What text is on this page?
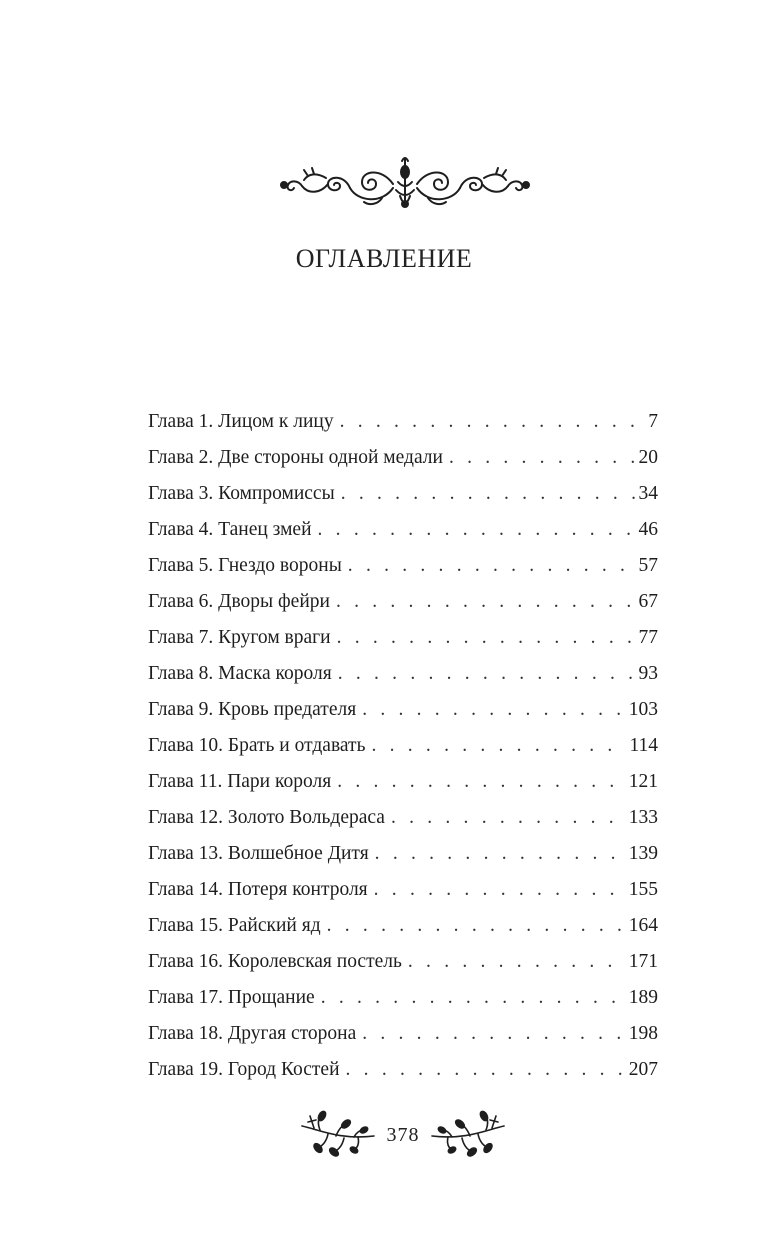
ОГЛАВЛЕНИЕ
Глава 1. Лицом к лицу . . .	7
Глава 2. Две стороны одной медали . . .	20
Глава 3. Компромиссы . . .	34
Глава 4. Танец змей . . .	46
Глава 5. Гнездо вороны . . .	57
Глава 6. Дворы фейри . . .	67
Глава 7. Кругом враги . . .	77
Глава 8. Маска короля . . .	93
Глава 9. Кровь предателя . . .	103
Глава 10. Брать и отдавать . . .	114
Глава 11. Пари короля . . .	121
Глава 12. Золото Вольдераса . . .	133
Глава 13. Волшебное Дитя . . .	139
Глава 14. Потеря контроля . . .	155
Глава 15. Райский яд . . .	164
Глава 16. Королевская постель . . .	171
Глава 17. Прощание . . .	189
Глава 18. Другая сторона . . .	198
Глава 19. Город Костей . . .	207
378
